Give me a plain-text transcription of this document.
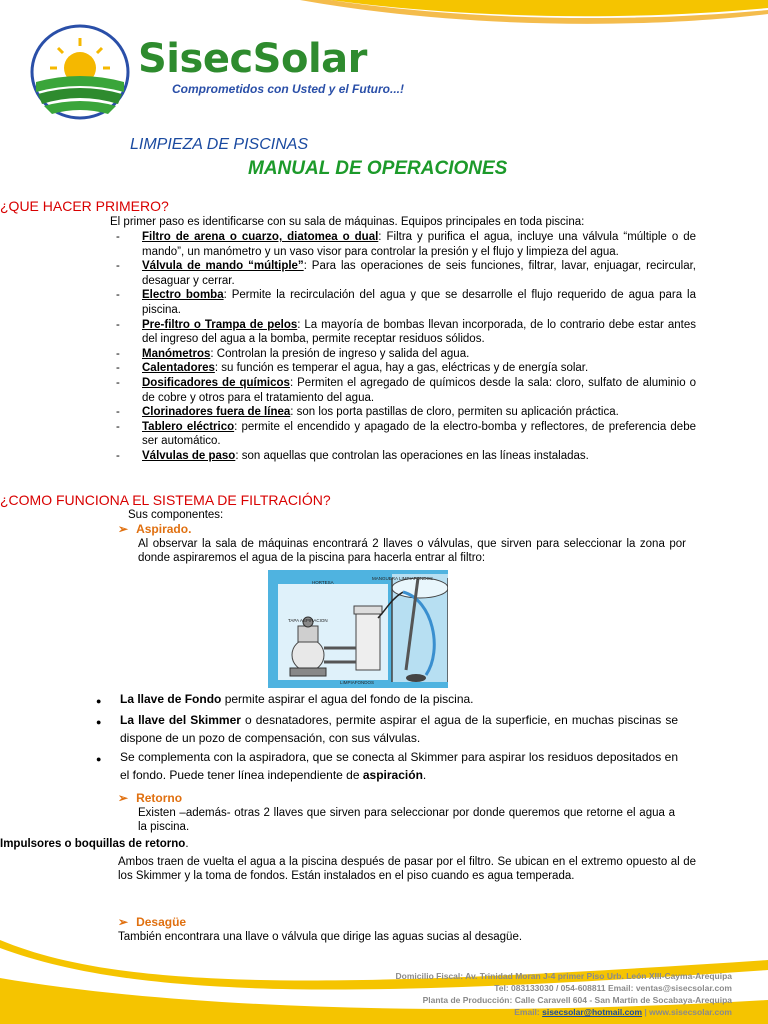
SisecSolar
Comprometidos con Usted y el Futuro...!
LIMPIEZA DE PISCINAS
MANUAL DE OPERACIONES
¿QUE HACER PRIMERO?
El primer paso es identificarse con su sala de máquinas. Equipos principales en toda piscina:
-	Filtro de arena o cuarzo, diatomea o dual: Filtra y purifica el agua, incluye una válvula “múltiple o de mando”, un manómetro y un vaso visor para controlar la presión y el flujo y limpieza del agua.
-	Válvula de mando “múltiple”: Para las operaciones de seis funciones, filtrar, lavar, enjuagar, recircular, desaguar y cerrar.
-	Electro bomba: Permite la recirculación del agua y que se desarrolle el flujo requerido de agua para la piscina.
-	Pre-filtro o Trampa de pelos: La mayoría de bombas llevan incorporada, de lo contrario debe estar antes del ingreso del agua a la bomba, permite receptar residuos sólidos.
-	Manómetros: Controlan la presión de ingreso y salida del agua.
-	Calentadores: su función es temperar el agua, hay a gas, eléctricas y de energía solar.
-	Dosificadores de químicos: Permiten el agregado de químicos desde la sala: cloro, sulfato de aluminio o de cobre y otros para el tratamiento del agua.
-	Clorinadores fuera de línea: son los porta pastillas de cloro, permiten su aplicación práctica.
-	Tablero eléctrico: permite el encendido y apagado de la electro-bomba y reflectores, de preferencia debe ser automático.
-	Válvulas de paso: son aquellas que controlan las operaciones en las líneas instaladas.
¿COMO FUNCIONA EL SISTEMA DE FILTRACIÓN?
Sus componentes:
➢ Aspirado.
Al observar la sala de máquinas encontrará 2 llaves o válvulas, que sirven para seleccionar la zona por donde aspiraremos el agua de la piscina para hacerla entrar al filtro:
HORTESA
MANGUERA LIMPIAFONDOS
TAPA ASPIRACION
LIMPIAFONDOS
●	La llave de Fondo permite aspirar el agua del fondo de la piscina.
●	La llave del Skimmer o desnatadores, permite aspirar el agua de la superficie, en muchas piscinas se dispone de un pozo de compensación, con sus válvulas.
●	Se complementa con la aspiradora, que se conecta al Skimmer para aspirar los residuos depositados en el fondo. Puede tener línea independiente de aspiración.
➢ Retorno
Existen –además- otras 2 llaves que sirven para seleccionar por donde queremos que retorne el agua a la piscina.
Impulsores o boquillas de retorno.
Ambos traen de vuelta el agua a la piscina después de pasar por el filtro. Se ubican en el extremo opuesto al de los Skimmer y la toma de fondos. Están instalados en el piso cuando es agua temperada.
➢ Desagüe
También encontrara una llave o válvula que dirige las aguas sucias al desagüe.
Domicilio Fiscal: Av. Trinidad Moran J-4 primer Piso Urb. León XIII-Cayma-Arequipa
Tel: 083133030 / 054-608811 Email: ventas@sisecsolar.com
Planta de Producción: Calle Caravell 604 - San Martín de Socabaya-Arequipa
Email: sisecsolar@hotmail.com | www.sisecsolar.com
